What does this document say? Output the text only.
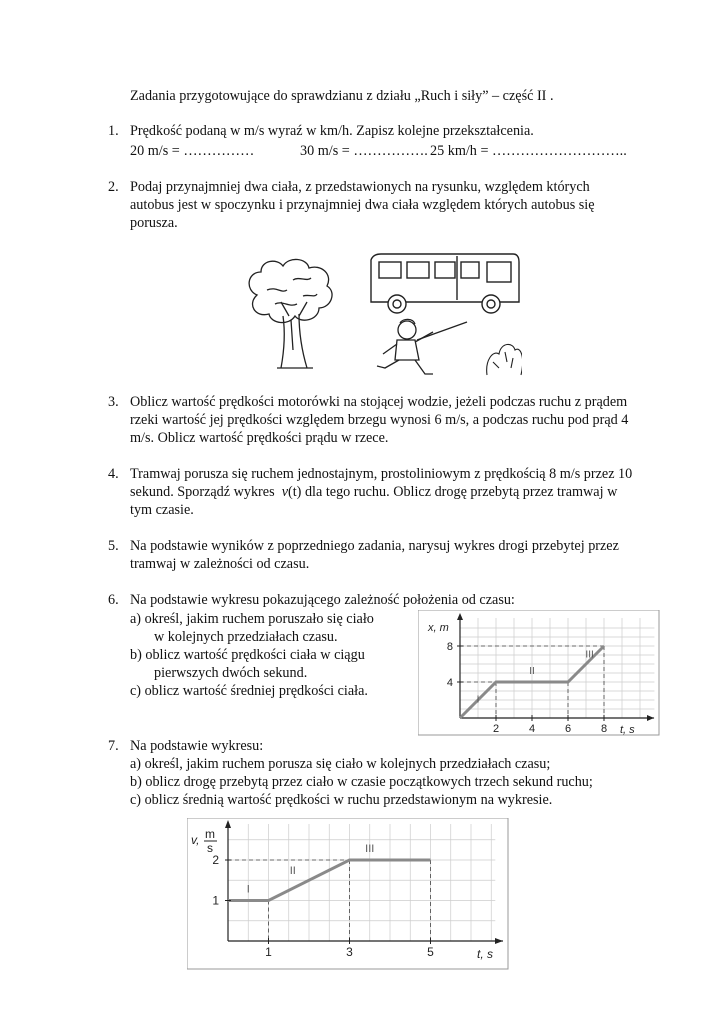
Zadania przygotowujące do sprawdzianu z działu „Ruch i siły” – część II .
1. Prędkość podaną w m/s wyraź w km/h. Zapisz kolejne przekształcenia.
20 m/s = ……………	30 m/s = ……………. 25 km/h = ………………………..
2. Podaj przynajmniej dwa ciała, z przedstawionych na rysunku, względem których
autobus jest w spoczynku i przynajmniej dwa ciała względem których autobus się
porusza.
3. Oblicz wartość prędkości motorówki na stojącej wodzie, jeżeli podczas ruchu z prądem
rzeki wartość jej prędkości względem brzegu wynosi 6 m/s, a podczas ruchu pod prąd 4
m/s. Oblicz wartość prędkości prądu w rzece.
4. Tramwaj porusza się ruchem jednostajnym, prostoliniowym z prędkością 8 m/s przez 10
sekund. Sporządź wykres  v(t) dla tego ruchu. Oblicz drogę przebytą przez tramwaj w
tym czasie.
5. Na podstawie wyników z poprzedniego zadania, narysuj wykres drogi przebytej przez
tramwaj w zależności od czasu.
6. Na podstawie wykresu pokazującego zależność położenia od czasu:
a) określ, jakim ruchem poruszało się ciało
w kolejnych przedziałach czasu.
b) oblicz wartość prędkości ciała w ciągu
pierwszych dwóch sekund.
c) oblicz wartość średniej prędkości ciała.
2	4	6	8
4
8
x, m
t, s
I
II
III
7. Na podstawie wykresu:
a) określ, jakim ruchem porusza się ciało w kolejnych przedziałach czasu;
b) oblicz drogę przebytą przez ciało w czasie początkowych trzech sekund ruchu;
c) oblicz średnią wartość prędkości w ruchu przedstawionym na wykresie.
1	3	5
1
2
v, m
s
t, s
I
II
III
